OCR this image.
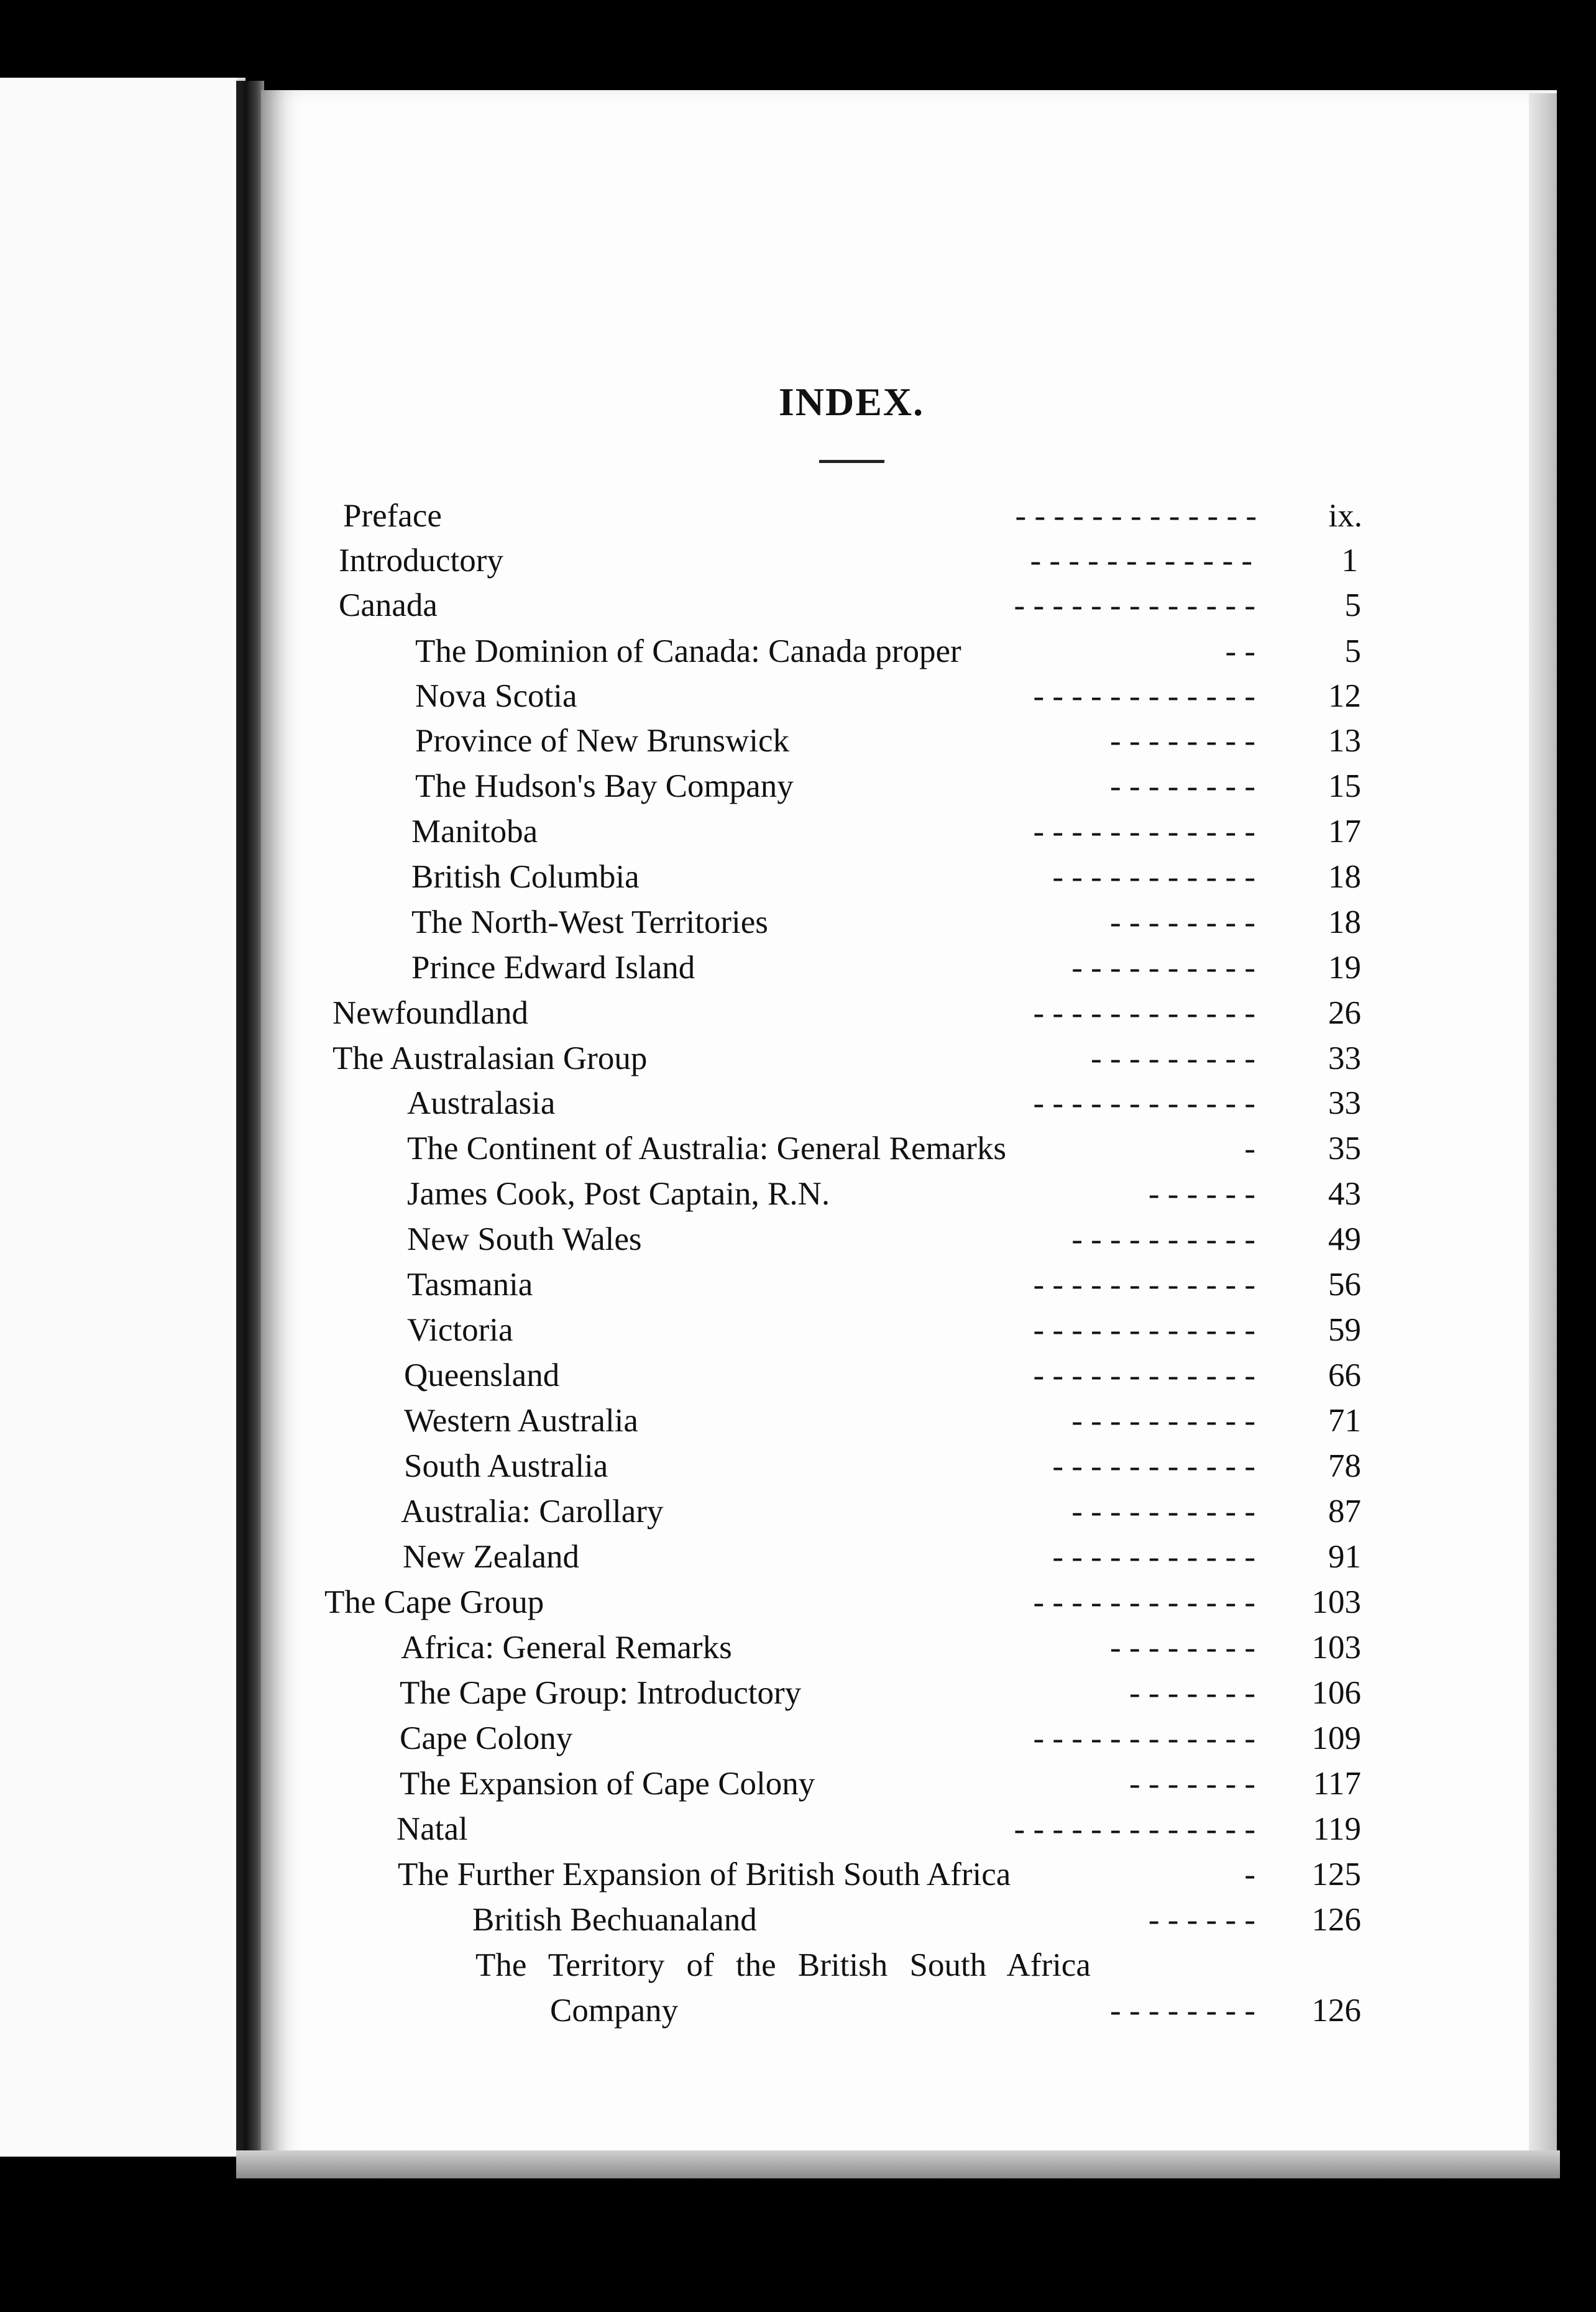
INDEX.
Preface	- - - - - - - - - - - - - ix.
Introductory	- - - - - - - - - - - -	1
Canada	- - - - - - - - - - - - -	5
The Dominion of Canada: Canada proper	- -	5
Nova Scotia	- - - - - - - - - - - - 12
Province of New Brunswick	- - - - - - - - 13
The Hudson's Bay Company	- - - - - - - - 15
Manitoba	- - - - - - - - - - - - 17
British Columbia	- - - - - - - - - - - 18
The North-West Territories	- - - - - - - - 18
Prince Edward Island	- - - - - - - - - - 19
Newfoundland	- - - - - - - - - - - - 26
The Australasian Group	- - - - - - - - - 33
Australasia	- - - - - - - - - - - - 33
The Continent of Australia: General Remarks	- 35
James Cook, Post Captain, R.N.	- - - - - - 43
New South Wales	- - - - - - - - - - 49
Tasmania	- - - - - - - - - - - - 56
Victoria	- - - - - - - - - - - - 59
Queensland	- - - - - - - - - - - - 66
Western Australia	- - - - - - - - - - 71
South Australia	- - - - - - - - - - - 78
Australia: Carollary	- - - - - - - - - - 87
New Zealand	- - - - - - - - - - - 91
The Cape Group	- - - - - - - - - - - - 103
Africa: General Remarks	- - - - - - - - 103
The Cape Group: Introductory	- - - - - - - 106
Cape Colony	- - - - - - - - - - - - 109
The Expansion of Cape Colony	- - - - - - - 117
Natal	- - - - - - - - - - - - - 119
The Further Expansion of British South Africa	- 125
British Bechuanaland	- - - - - - 126
The Territory of the British South Africa
Company	- - - - - - - - 126
